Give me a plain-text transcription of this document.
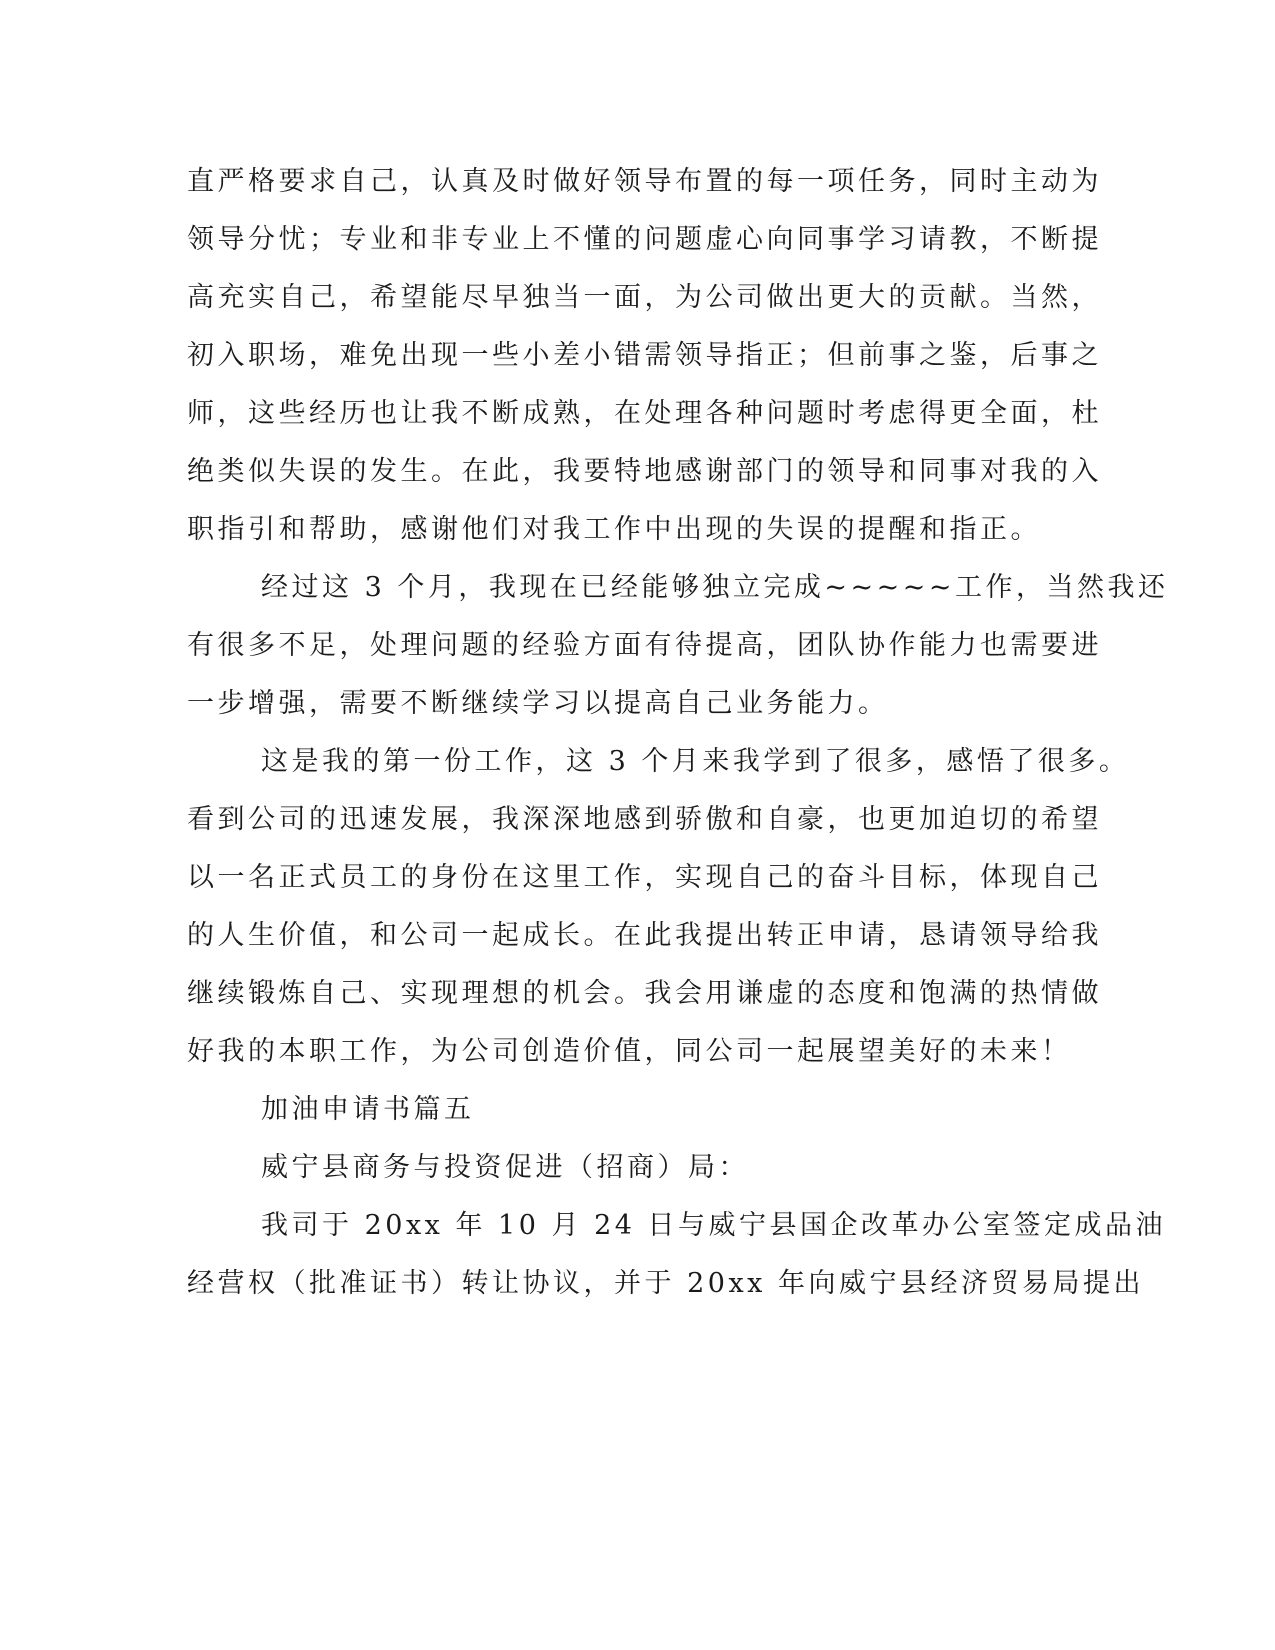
直严格要求自己，认真及时做好领导布置的每一项任务，同时主动为
领导分忧；专业和非专业上不懂的问题虚心向同事学习请教，不断提
高充实自己，希望能尽早独当一面，为公司做出更大的贡献。当然，
初入职场，难免出现一些小差小错需领导指正；但前事之鉴，后事之
师，这些经历也让我不断成熟，在处理各种问题时考虑得更全面，杜
绝类似失误的发生。在此，我要特地感谢部门的领导和同事对我的入
职指引和帮助，感谢他们对我工作中出现的失误的提醒和指正。
经过这 3 个月，我现在已经能够独立完成~~~~~工作，当然我还
有很多不足，处理问题的经验方面有待提高，团队协作能力也需要进
一步增强，需要不断继续学习以提高自己业务能力。
这是我的第一份工作，这 3 个月来我学到了很多，感悟了很多。
看到公司的迅速发展，我深深地感到骄傲和自豪，也更加迫切的希望
以一名正式员工的身份在这里工作，实现自己的奋斗目标，体现自己
的人生价值，和公司一起成长。在此我提出转正申请，恳请领导给我
继续锻炼自己、实现理想的机会。我会用谦虚的态度和饱满的热情做
好我的本职工作，为公司创造价值，同公司一起展望美好的未来！
加油申请书篇五
威宁县商务与投资促进（招商）局：
我司于 20xx 年 10 月 24 日与威宁县国企改革办公室签定成品油
经营权（批准证书）转让协议，并于 20xx 年向威宁县经济贸易局提出
